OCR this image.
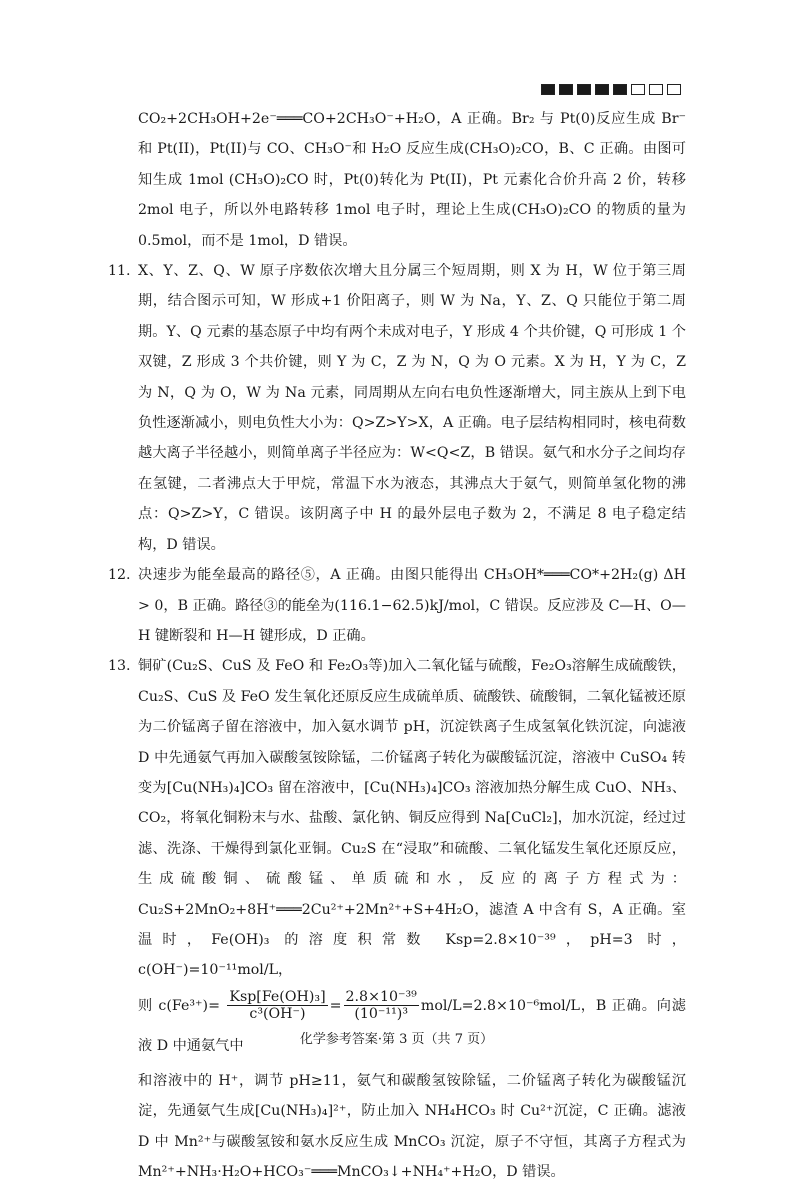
CO₂+2CH₃OH+2e⁻═══CO+2CH₃O⁻+H₂O，A 正确。Br₂ 与 Pt(0)反应生成 Br⁻和 Pt(II)，Pt(II)与 CO、CH₃O⁻和 H₂O 反应生成(CH₃O)₂CO，B、C 正确。由图可知生成 1mol (CH₃O)₂CO 时，Pt(0)转化为 Pt(II)，Pt 元素化合价升高 2 价，转移 2mol 电子，所以外电路转移 1mol 电子时，理论上生成(CH₃O)₂CO 的物质的量为 0.5mol，而不是 1mol，D 错误。

11. X、Y、Z、Q、W 原子序数依次增大且分属三个短周期，则 X 为 H，W 位于第三周期，结合图示可知，W 形成+1 价阳离子，则 W 为 Na，Y、Z、Q 只能位于第二周期。Y、Q 元素的基态原子中均有两个未成对电子，Y 形成 4 个共价键，Q 可形成 1 个双键，Z 形成 3 个共价键，则 Y 为 C，Z 为 N，Q 为 O 元素。X 为 H，Y 为 C，Z 为 N，Q 为 O，W 为 Na 元素，同周期从左向右电负性逐渐增大，同主族从上到下电负性逐渐减小，则电负性大小为：Q>Z>Y>X，A 正确。电子层结构相同时，核电荷数越大离子半径越小，则简单离子半径应为：W<Q<Z，B 错误。氨气和水分子之间均存在氢键，二者沸点大于甲烷，常温下水为液态，其沸点大于氨气，则简单氢化物的沸点：Q>Z>Y，C 错误。该阴离子中 H 的最外层电子数为 2，不满足 8 电子稳定结构，D 错误。
12. 决速步为能垒最高的路径⑤，A 正确。由图只能得出 CH₃OH*═══CO*+2H₂(g) ΔH > 0，B 正确。路径③的能垒为(116.1−62.5)kJ/mol，C 错误。反应涉及 C—H、O—H 键断裂和 H—H 键形成，D 正确。
13. 铜矿(Cu₂S、CuS 及 FeO 和 Fe₂O₃等)加入二氧化锰与硫酸，Fe₂O₃溶解生成硫酸铁，Cu₂S、CuS 及 FeO 发生氧化还原反应生成硫单质、硫酸铁、硫酸铜，二氧化锰被还原为二价锰离子留在溶液中，加入氨水调节 pH，沉淀铁离子生成氢氧化铁沉淀，向滤液 D 中先通氨气再加入碳酸氢铵除锰，二价锰离子转化为碳酸锰沉淀，溶液中 CuSO₄ 转变为[Cu(NH₃)₄]CO₃ 留在溶液中，[Cu(NH₃)₄]CO₃ 溶液加热分解生成 CuO、NH₃、CO₂，将氧化铜粉末与水、盐酸、氯化钠、铜反应得到 Na[CuCl₂]，加水沉淀，经过过滤、洗涤、干燥得到氯化亚铜。Cu₂S 在“浸取”和硫酸、二氧化锰发生氧化还原反应，生成硫酸铜、硫酸锰、单质硫和水，反应的离子方程式为：Cu₂S+2MnO₂+8H⁺═══2Cu²⁺+2Mn²⁺+S+4H₂O，滤渣 A 中含有 S，A 正确。室温时，Fe(OH)₃ 的溶度积常数 Ksp=2.8×10⁻³⁹，pH=3 时，c(OH⁻)=10⁻¹¹mol/L，
则 $c(Fe^{3+})= \frac{\text{Ksp[Fe(OH)₃]}}{\text{c³(OH⁻)}} = \frac{\text{2.8×10⁻³⁹}}{\text{(10⁻¹¹)³}} mol/L=2.8\times 10^{-6}mol/L$，B 正确。向滤液 D 中通氨气中
和溶液中的 H⁺，调节 pH≥11，氨气和碳酸氢铵除锰，二价锰离子转化为碳酸锰沉淀，先通氨气生成[Cu(NH₃)₄]²⁺，防止加入 NH₄HCO₃ 时 Cu²⁺沉淀，C 正确。滤液 D 中 Mn²⁺与碳酸氢铵和氨水反应生成 MnCO₃ 沉淀，原子不守恒，其离子方程式为 Mn²⁺+NH₃·H₂O+HCO₃⁻═══MnCO₃↓+NH₄⁺+H₂O，D 错误。
化学参考答案·第 3 页（共 7 页）
